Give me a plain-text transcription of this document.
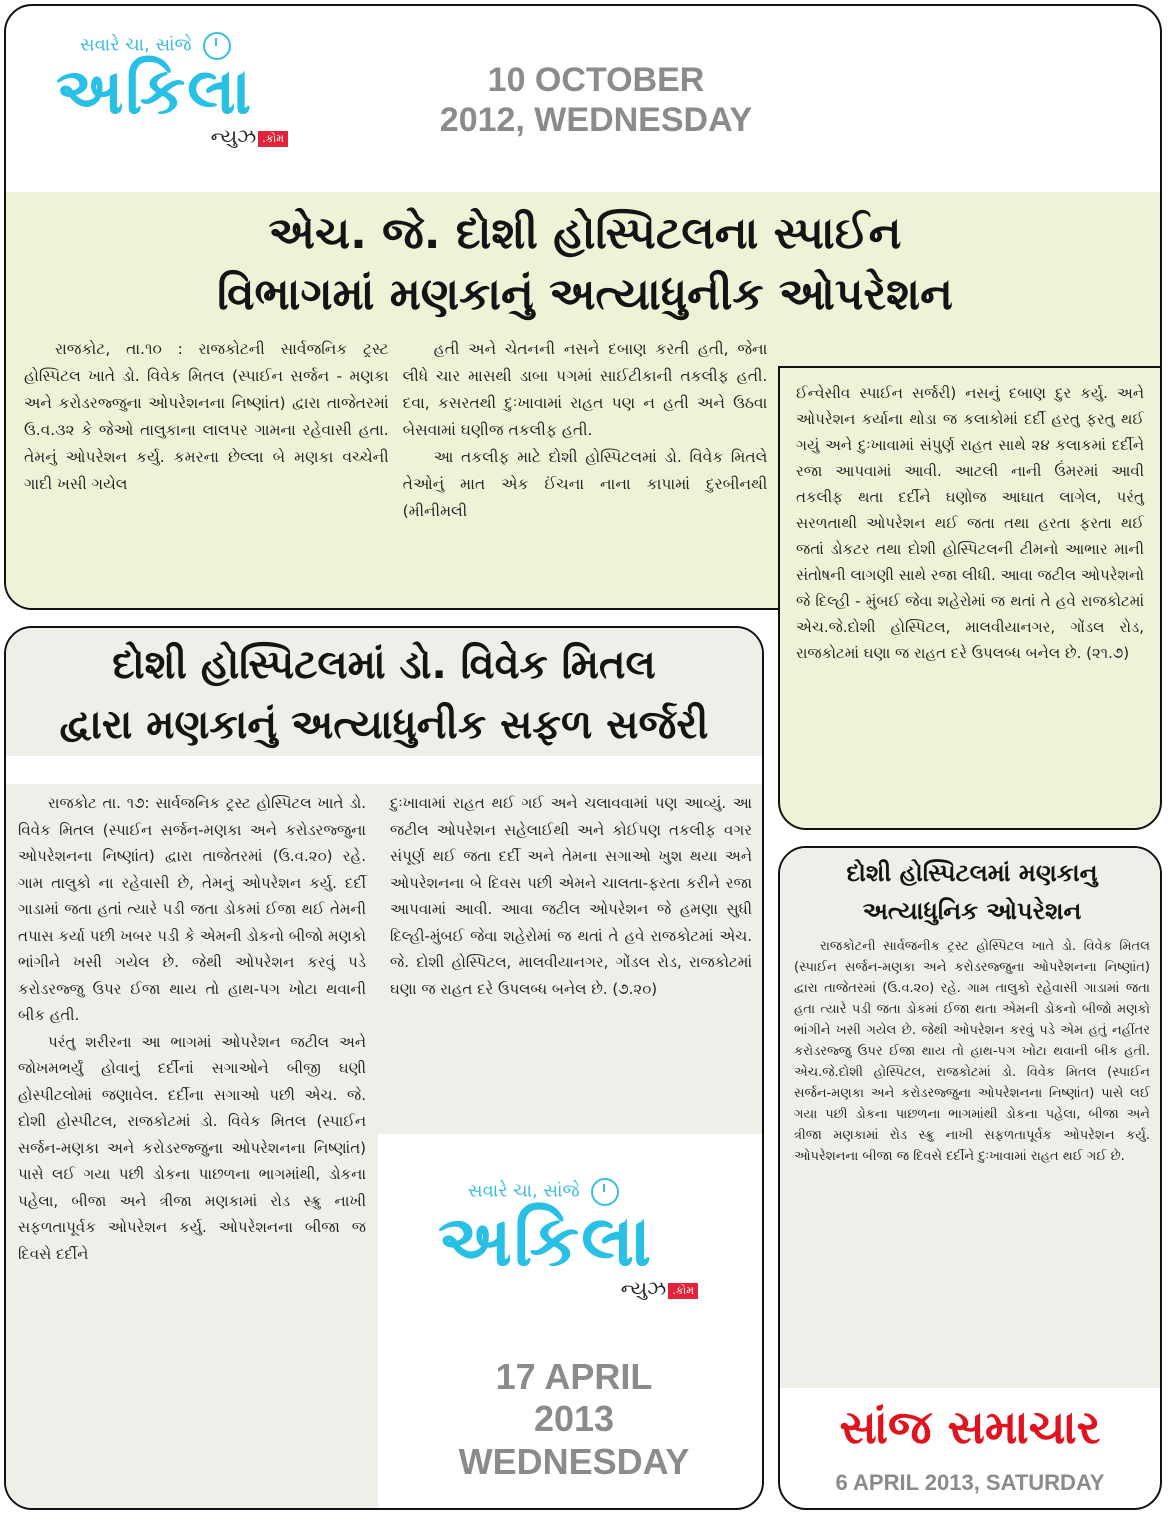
સવારે ચા, સાંજે
અકિલા
ન્યુઝ .કોમ
10 OCTOBER
2012, WEDNESDAY
એચ. જે. દોશી હોસ્પિટલના સ્પાઈન
વિભાગમાં મણકાનું અત્યાધુનીક ઓપરેશન

રાજકોટ, તા.૧૦ : રાજકોટની સાર્વજનિક ટ્રસ્ટ હોસ્પિટલ ખાતે ડો. વિવેક મિતલ (સ્પાઈન સર્જન - મણકા અને કરોડરજ્જુના ઓપરેશનના નિષ્ણાંત) દ્વારા તાજેતરમાં ઉ.વ.૩૨ કે જેઓ તાલુકાના લાલપર ગામના રહેવાસી હતા. તેમનું ઓપરેશન કર્યુ. કમરના છેલ્લા બે મણકા વચ્ચેની ગાદી ખસી ગયેલ

હતી અને ચેતનની નસને દબાણ કરતી હતી, જેના લીધે ચાર માસથી ડાબા પગમાં સાઈટીકાની તકલીફ હતી. દવા, કસરતથી દુઃખાવામાં રાહત પણ ન હતી અને ઉઠવા બેસવામાં ઘણીજ તકલીફ હતી.

આ તકલીફ માટે દોશી હોસ્પિટલમાં ડો. વિવેક મિતલે તેઓનું માત એક ઈંચના નાના કાપામાં દુરબીનથી (મીનીમલી

ઈન્વેસીવ સ્પાઈન સર્જરી) નસનું દબાણ દુર કર્યુ. અને ઓપરેશન કર્યાના થોડા જ કલાકોમાં દર્દી હરતુ ફરતુ થઈ ગયું અને દુઃખાવામાં સંપુર્ણ રાહત સાથે ૨૪ કલાકમાં દર્દીને રજા આપવામાં આવી. આટલી નાની ઉંમરમાં આવી તકલીફ થતા દર્દીને ઘણોજ આઘાત લાગેલ, પરંતુ સરળતાથી ઓપરેશન થઈ જતા તથા હરતા ફરતા થઈ જતાં ડોકટર તથા દોશી હોસ્પિટલની ટીમનો આભાર માની સંતોષની લાગણી સાથે રજા લીધી. આવા જટીલ ઓપરેશનો જે દિલ્હી - મુંબઈ જેવા શહેરોમાં જ થતાં તે હવે રાજકોટમાં એચ.જે.દોશી હોસ્પિટલ, માલવીયાનગર, ગોંડલ રોડ, રાજકોટમાં ઘણા જ રાહત દરે ઉપલબ્ધ બનેલ છે. (૨૧.૭)

દોશી હોસ્પિટલમાં ડો. વિવેક મિતલ
દ્વારા મણકાનું અત્યાધુનીક સફળ સર્જરી

રાજકોટ તા. ૧૭: સાર્વજનિક ટ્રસ્ટ હોસ્પિટલ ખાતે ડો. વિવેક મિતલ (સ્પાઈન સર્જન-મણકા અને કરોડરજ્જુના ઓપરેશનના નિષ્ણાંત) દ્વારા તાજેતરમાં (ઉ.વ.૨૦) રહે. ગામ તાલુકો ના રહેવાસી છે, તેમનું ઓપરેશન કર્યુ. દર્દી ગાડામાં જતા હતાં ત્યારે પડી જતા ડોકમાં ઈજા થઈ તેમની તપાસ કર્યા પછી ખબર પડી કે એમની ડોકનો બીજો મણકો ભાંગીને ખસી ગયેલ છે. જેથી ઓપરેશન કરવું પડે કરોડરજ્જુ ઉપર ઈજા થાય તો હાથ-પગ ખોટા થવાની બીક હતી.

પરંતુ શરીરના આ ભાગમાં ઓપરેશન જટીલ અને જોખમભર્યું હોવાનું દર્દીનાં સગાઓને બીજી ઘણી હોસ્પીટલોમાં જણાવેલ. દર્દીના સગાઓ પછી એચ. જે. દોશી હોસ્પીટલ, રાજકોટમાં ડો. વિવેક મિતલ (સ્પાઈન સર્જન-મણકા અને કરોડરજ્જુના ઓપરેશનના નિષ્ણાંત) પાસે લઈ ગયા પછી ડોકના પાછળના ભાગમાંથી, ડોકના પહેલા, બીજા અને ત્રીજા મણકામાં રોડ સ્ક્રુ નાખી સફળતાપૂર્વક ઓપરેશન કર્યુ. ઓપરેશનના બીજા જ દિવસે દર્દીને

દુઃખાવામાં રાહત થઈ ગઈ અને ચલાવવામાં પણ આવ્યું. આ જટીલ ઓપરેશન સહેલાઈથી અને કોઈપણ તકલીફ વગર સંપૂર્ણ થઈ જતા દર્દી અને તેમના સગાઓ ખુશ થયા અને ઓપરેશનના બે દિવસ પછી એમને ચાલતા-ફરતા કરીને રજા આપવામાં આવી. આવા જટીલ ઓપરેશન જે હમણા સુધી દિલ્હી-મુંબઈ જેવા શહેરોમાં જ થતાં તે હવે રાજકોટમાં એચ. જે. દોશી હોસ્પિટલ, માલવીયાનગર, ગોંડલ રોડ, રાજકોટમાં ઘણા જ રાહત દરે ઉપલબ્ધ બનેલ છે. (૭.૨૦)

સવારે ચા, સાંજે
અકિલા
ન્યુઝ .કોમ
17 APRIL
2013
WEDNESDAY
દોશી હોસ્પિટલમાં મણકાનુ
અત્યાધુનિક ઓપરેશન

રાજકોટની સાર્વજનીક ટ્રસ્ટ હોસ્પિટલ ખાતે ડો. વિવેક મિતલ (સ્પાઈન સર્જન-મણકા અને કરોડરજ્જુના ઓપરેશનના નિષ્ણાંત) દ્વારા તાજેતરમાં (ઉ.વ.૨૦) રહે. ગામ તાલુકો રહેવાસી ગાડામાં જતા હતા ત્યારે પડી જતા ડોકમાં ઈજા થતા એમની ડોકનો બીજો મણકો ભાંગીને ખસી ગયેલ છે. જેથી ઓપરેશન કરવું પડે એમ હતું નહીંતર કરોડરજ્જુ ઉપર ઈજા થાય તો હાથ-પગ ખોટા થવાની બીક હતી. એચ.જે.દોશી હોસ્પિટલ, રાજકોટમાં ડો. વિવેક મિતલ (સ્પાઈન સર્જન-મણકા અને કરોડરજ્જુના ઓપરેશનના નિષ્ણાંત) પાસે લઈ ગયા પછી ડોકના પાછળના ભાગમાંથી ડોકના પહેલા, બીજા અને ત્રીજા મણકામાં રોડ સ્ક્રુ નાખી સફળતાપૂર્વક ઓપરેશન કર્યુ. ઓપરેશનના બીજા જ દિવસે દર્દીને દુઃખાવામાં રાહત થઈ ગઈ છે.

સાંજ સમાચાર
6 APRIL 2013, SATURDAY
